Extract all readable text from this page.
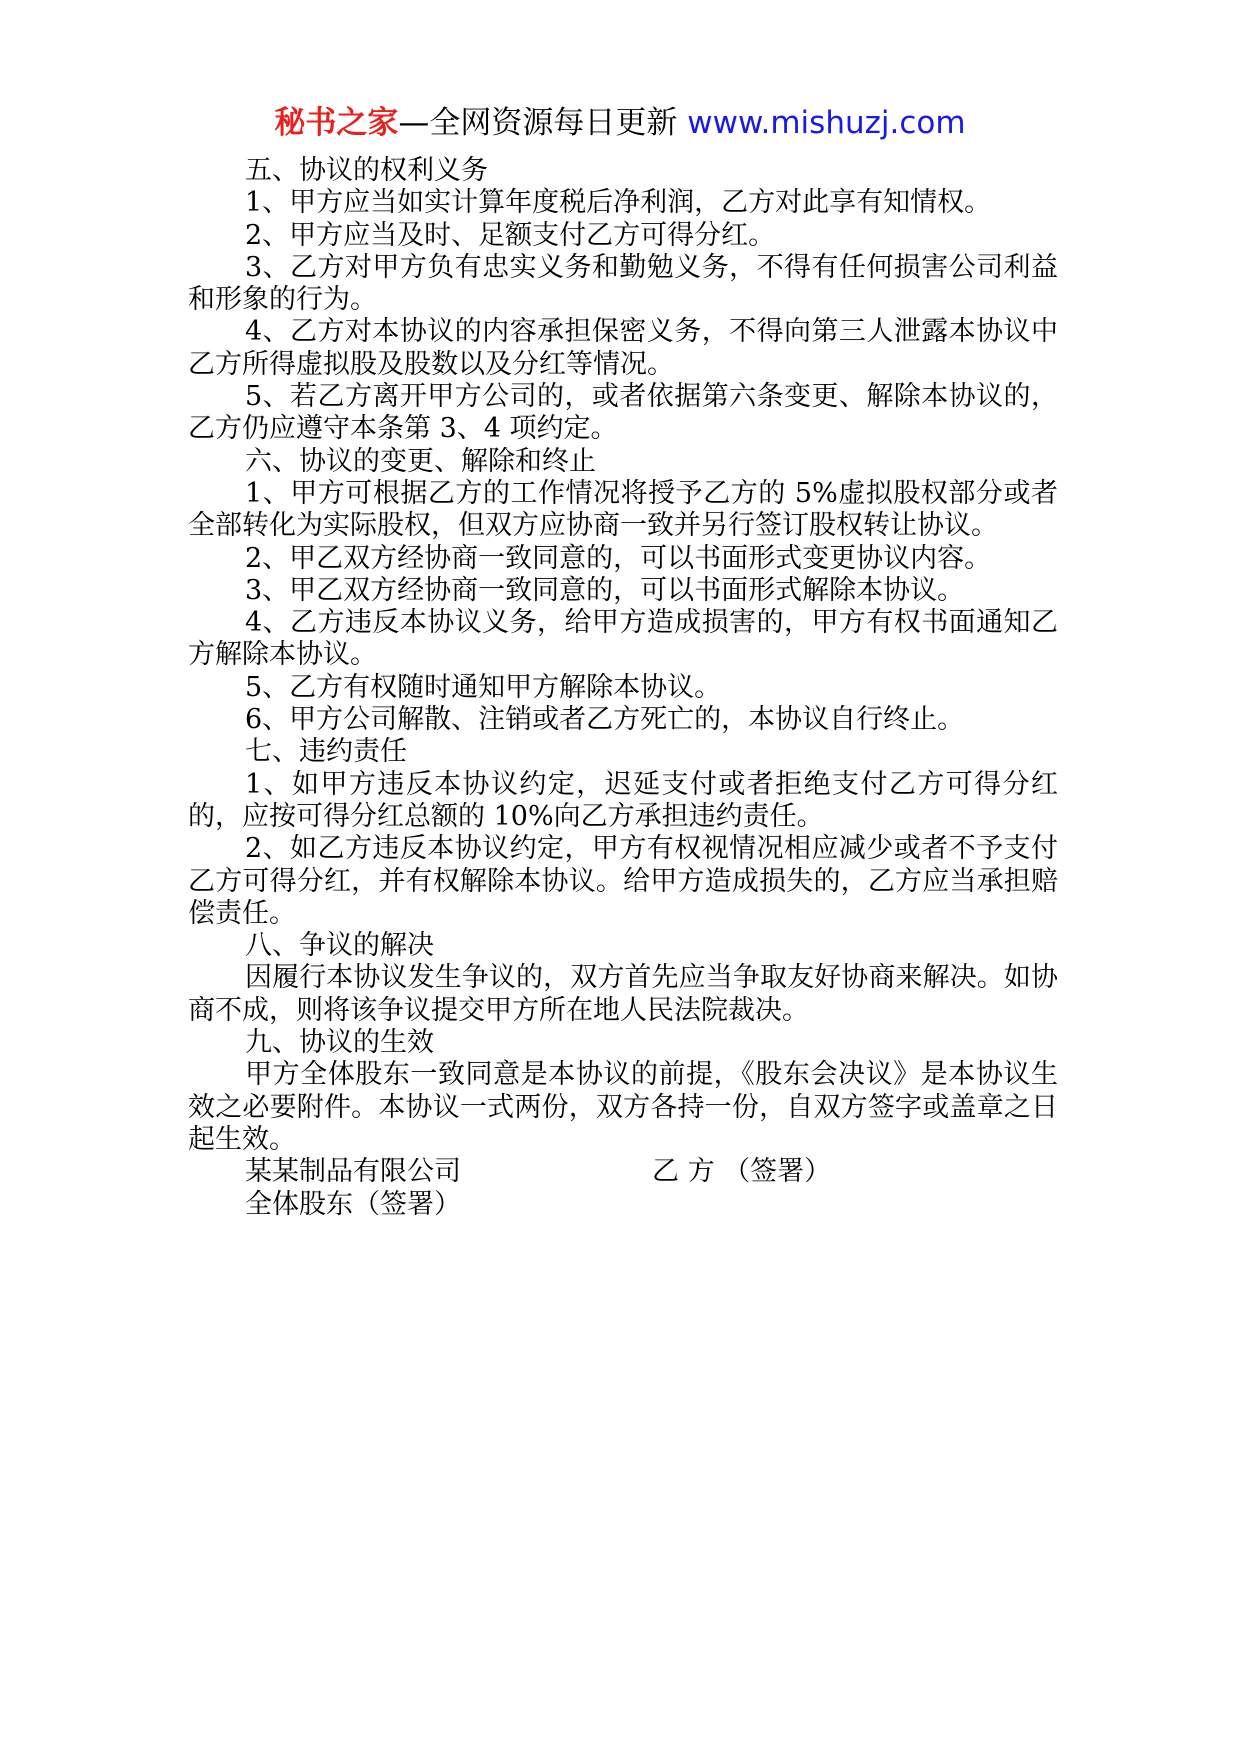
秘书之家—全网资源每日更新 www.mishuzj.com

五、协议的权利义务

1、甲方应当如实计算年度税后净利润，乙方对此享有知情权。

2、甲方应当及时、足额支付乙方可得分红。

3、乙方对甲方负有忠实义务和勤勉义务，不得有任何损害公司利益和形象的行为。

4、乙方对本协议的内容承担保密义务，不得向第三人泄露本协议中乙方所得虚拟股及股数以及分红等情况。

5、若乙方离开甲方公司的，或者依据第六条变更、解除本协议的，乙方仍应遵守本条第 3、4 项约定。

六、协议的变更、解除和终止

1、甲方可根据乙方的工作情况将授予乙方的 5%虚拟股权部分或者全部转化为实际股权，但双方应协商一致并另行签订股权转让协议。

2、甲乙双方经协商一致同意的，可以书面形式变更协议内容。

3、甲乙双方经协商一致同意的，可以书面形式解除本协议。

4、乙方违反本协议义务，给甲方造成损害的，甲方有权书面通知乙方解除本协议。

5、乙方有权随时通知甲方解除本协议。

6、甲方公司解散、注销或者乙方死亡的，本协议自行终止。

七、违约责任

1、如甲方违反本协议约定，迟延支付或者拒绝支付乙方可得分红的，应按可得分红总额的 10%向乙方承担违约责任。

2、如乙方违反本协议约定，甲方有权视情况相应减少或者不予支付乙方可得分红，并有权解除本协议。给甲方造成损失的，乙方应当承担赔偿责任。

八、争议的解决

因履行本协议发生争议的，双方首先应当争取友好协商来解决。如协商不成，则将该争议提交甲方所在地人民法院裁决。

九、协议的生效

甲方全体股东一致同意是本协议的前提，《股东会决议》是本协议生效之必要附件。本协议一式两份，双方各持一份，自双方签字或盖章之日起生效。

某某制品有限公司	乙 方 （签署）
全体股东（签署）
